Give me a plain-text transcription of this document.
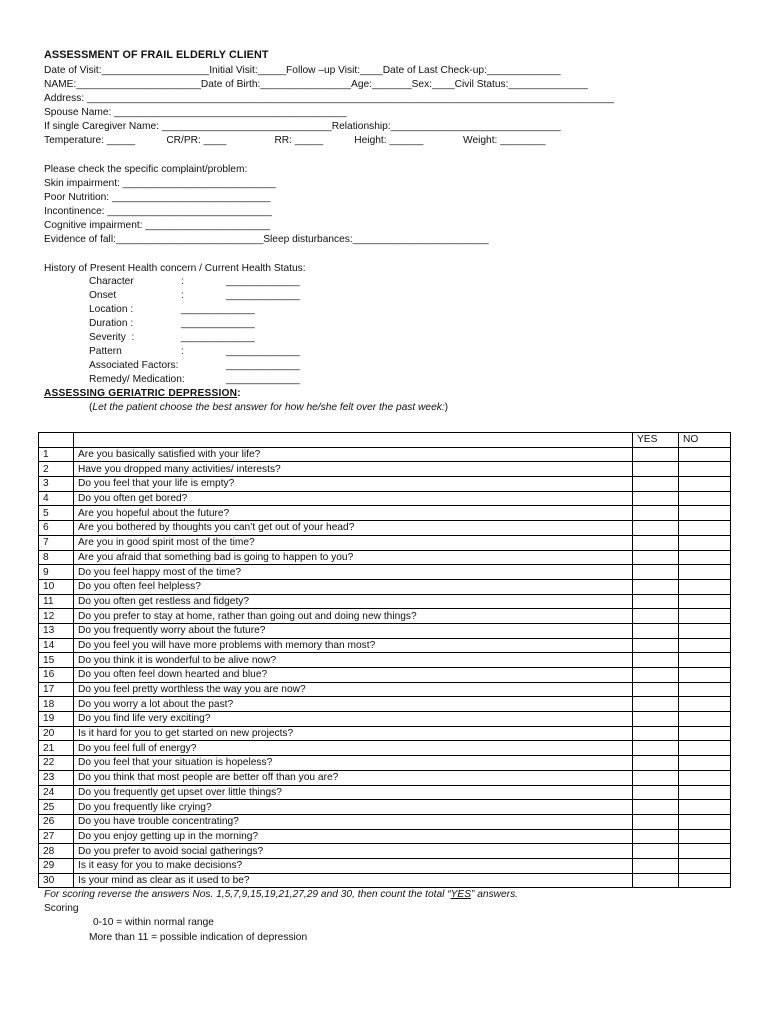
ASSESSMENT OF FRAIL ELDERLY CLIENT
Date of Visit:___________________Initial Visit:_____Follow –up Visit:____Date of Last Check-up:_____________
NAME:______________________Date of Birth:________________Age:_______Sex:____Civil Status:______________
Address: _____________________________________________________________________________________________
Spouse Name: _________________________________________
If single Caregiver Name: ______________________________Relationship:______________________________
Temperature: _____           CR/PR: ____                 RR: _____           Height: ______              Weight: ________
Please check the specific complaint/problem:
Skin impairment: ___________________________
Poor Nutrition: ____________________________
Incontinence: _____________________________
Cognitive impairment: ______________________
Evidence of fall:__________________________Sleep disturbances:________________________
History of Present Health concern / Current Health Status:
Character	:	_____________
Onset	:	_____________
Location :	_____________
Duration :	_____________
Severity  :	_____________
Pattern	:	_____________
Associated Factors:	_____________
Remedy/ Medication:	_____________
ASSESSING GERIATRIC DEPRESSION:
(Let the patient choose the best answer for how he/she felt over the past week:)
		YES	NO
1	Are you basically satisfied with your life?		
2	Have you dropped many activities/ interests?		
3	Do you feel that your life is empty?		
4	Do you often get bored?		
5	Are you hopeful about the future?		
6	Are you bothered by thoughts you can’t get out of your head?		
7	Are you in good spirit most of the time?		
8	Are you afraid that something bad is going to happen to you?		
9	Do you feel happy most of the time?		
10	Do you often feel helpless?		
11	Do you often get restless and fidgety?		
12	Do you prefer to stay at home, rather than going out and doing new things?		
13	Do you frequently worry about the future?		
14	Do you feel you will have more problems with memory than most?		
15	Do you think it is wonderful to be alive now?		
16	Do you often feel down hearted and blue?		
17	Do you feel pretty worthless the way you are now?		
18	Do you worry a lot about the past?		
19	Do you find life very exciting?		
20	Is it hard for you to get started on new projects?		
21	Do you feel full of energy?		
22	Do you feel that your situation is hopeless?		
23	Do you think that most people are better off than you are?		
24	Do you frequently get upset over little things?		
25	Do you frequently like crying?		
26	Do you have trouble concentrating?		
27	Do you enjoy getting up in the morning?		
28	Do you prefer to avoid social gatherings?		
29	Is it easy for you to make decisions?		
30	Is your mind as clear as it used to be?		
For scoring reverse the answers Nos. 1,5,7,9,15,19,21,27,29 and 30, then count the total “YES” answers.
Scoring
0-10 = within normal range
More than 11 = possible indication of depression
